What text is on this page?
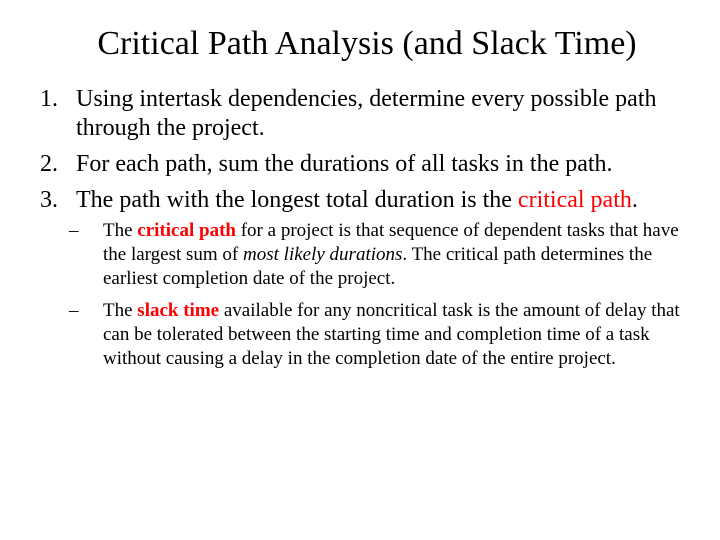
Critical Path Analysis (and Slack Time)
1. Using intertask dependencies, determine every possible path through the project.
2. For each path, sum the durations of all tasks in the path.
3. The path with the longest total duration is the critical path.
– The critical path for a project is that sequence of dependent tasks that have the largest sum of most likely durations. The critical path determines the earliest completion date of the project.
– The slack time available for any noncritical task is the amount of delay that can be tolerated between the starting time and completion time of a task without causing a delay in the completion date of the entire project.
